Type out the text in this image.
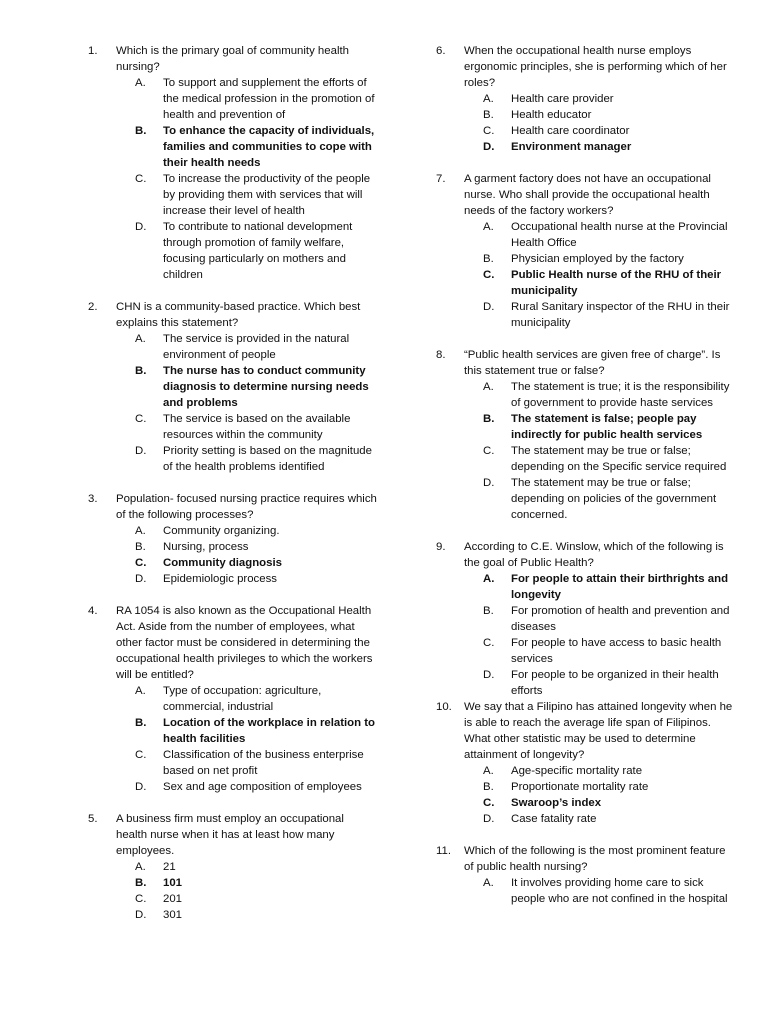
1.	Which is the primary goal of community health nursing?
A.	To support and supplement the efforts of the medical profession in the promotion of health and prevention of
B.	To enhance the capacity of individuals, families and communities to cope with their health needs
C.	To increase the productivity of the people by providing them with services that will increase their level of health
D.	To contribute to national development through promotion of family welfare, focusing particularly on mothers and children
2.	CHN is a community-based practice. Which best explains this statement?
A.	The service is provided in the natural environment of people
B.	The nurse has to conduct community diagnosis to determine nursing needs and problems
C.	The service is based on the available resources within the community
D.	Priority setting is based on the magnitude of the health problems identified
3.	Population- focused nursing practice requires which of the following processes?
A.	Community organizing.
B.	Nursing, process
C.	Community diagnosis
D.	Epidemiologic process
4.	RA 1054 is also known as the Occupational Health Act. Aside from the number of employees, what other factor must be considered in determining the occupational health privileges to which the workers will be entitled?
A.	Type of occupation: agriculture, commercial, industrial
B.	Location of the workplace in relation to health facilities
C.	Classification of the business enterprise based on net profit
D.	Sex and age composition of employees
5.	A business firm must employ an occupational health nurse when it has at least how many employees.
A.	21
B.	101
C.	201
D.	301
6.	When the occupational health nurse employs ergonomic principles, she is performing which of her roles?
A.	Health care provider
B.	Health educator
C.	Health care coordinator
D.	Environment manager
7.	A garment factory does not have an occupational nurse. Who shall provide the occupational health needs of the factory workers?
A.	Occupational health nurse at the Provincial Health Office
B.	Physician employed by the factory
C.	Public Health nurse of the RHU of their municipality
D.	Rural Sanitary inspector of the RHU in their municipality
8.	“Public health services are given free of charge”. Is this statement true or false?
A.	The statement is true; it is the responsibility of government to provide haste services
B.	The statement is false; people pay indirectly for public health services
C.	The statement may be true or false; depending on the Specific service required
D.	The statement may be true or false; depending on policies of the government concerned.
9.	According to C.E. Winslow, which of the following is the goal of Public Health?
A.	For people to attain their birthrights and longevity
B.	For promotion of health and prevention and diseases
C.	For people to have access to basic health services
D.	For people to be organized in their health efforts
10.	We say that a Filipino has attained longevity when he is able to reach the average life span of Filipinos. What other statistic may be used to determine attainment of longevity?
A.	Age-specific mortality rate
B.	Proportionate mortality rate
C.	Swaroop’s index
D.	Case fatality rate
11.	Which of the following is the most prominent feature of public health nursing?
A.	It involves providing home care to sick people who are not confined in the hospital
